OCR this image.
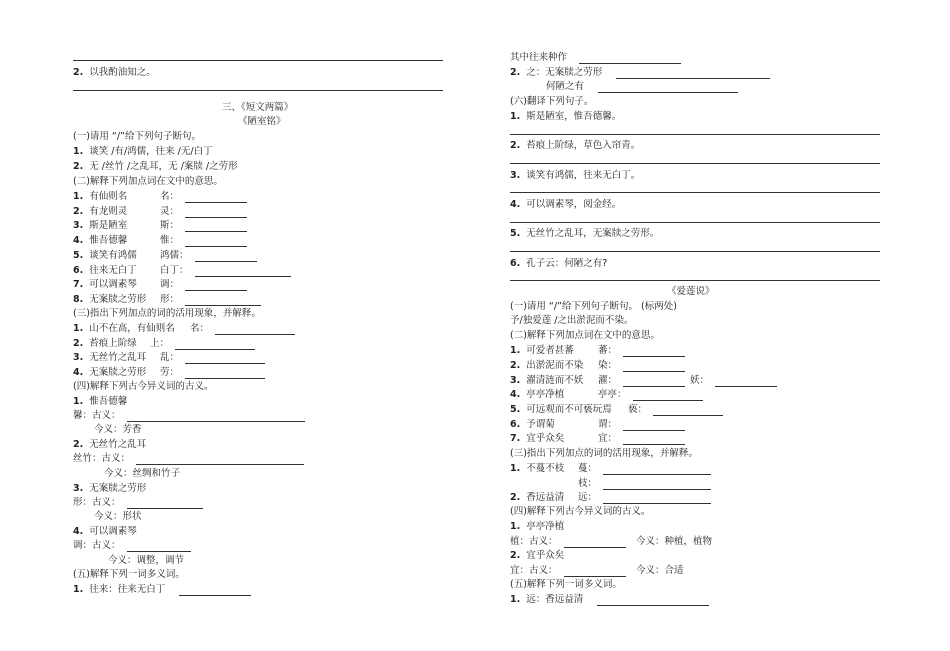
2. 以我酌油知之。
三、《短文两篇》
《陋室铭》
(一)请用 “/”给下列句子断句。
1. 谈笑 /有/鸿儒，往来 /无/白丁
2. 无 /丝竹 /之乱耳，无 /案牍 /之劳形
(二)解释下列加点词在文中的意思。
1. 有仙则名	名：
2. 有龙则灵	灵：
3. 斯是陋室	斯：
4. 惟吾德馨	惟：
5. 谈笑有鸿儒 鸿儒：
6. 往来无白丁 白丁：
7. 可以调素琴 调：
8. 无案牍之劳形 形：
(三)指出下列加点的词的活用现象，并解释。
1. 山不在高，有仙则名 名：
2. 苔痕上阶绿 上：
3. 无丝竹之乱耳 乱：
4. 无案牍之劳形 劳：
(四)解释下列古今异义词的古义。
1. 惟吾德馨
馨：古义：
今义：芳香
2. 无丝竹之乱耳
丝竹：古义：
今义：丝绸和竹子
3. 无案牍之劳形
形：古义：
今义：形状
4. 可以调素琴
调：古义：
今义：调整，调节
(五)解释下列一词多义词。
1. 往来：往来无白丁
其中往来种作
2. 之：无案牍之劳形
何陋之有
(六)翻译下列句子。
1. 斯是陋室，惟吾德馨。
2. 苔痕上阶绿，草色入帘青。
3. 谈笑有鸿儒，往来无白丁。
4. 可以调素琴，阅金经。
5. 无丝竹之乱耳，无案牍之劳形。
6. 孔子云：何陋之有?
《爱莲说》
(一)请用 “/”给下列句子断句。 (标两处)
予/独爱莲 /之出淤泥而不染。
(二)解释下列加点词在文中的意思。
1. 可爱者甚蕃	蕃：
2. 出淤泥而不染 染：
3. 濯清涟而不妖 濯：	妖：
4. 亭亭净植	亭亭：
5. 可远观而不可亵玩焉 亵：
6. 予谓菊	谓：
7. 宜乎众矣	宜：
(三)指出下列加点的词的活用现象，并解释。
1. 不蔓不枝 蔓：
枝：
2. 香远益清 远：
(四)解释下列古今异义词的古义。
1. 亭亭净植
植：古义：	今义：种植，植物
2. 宜乎众矣
宜：古义：	今义：合适
(五)解释下列一词多义词。
1. 远：香远益清
